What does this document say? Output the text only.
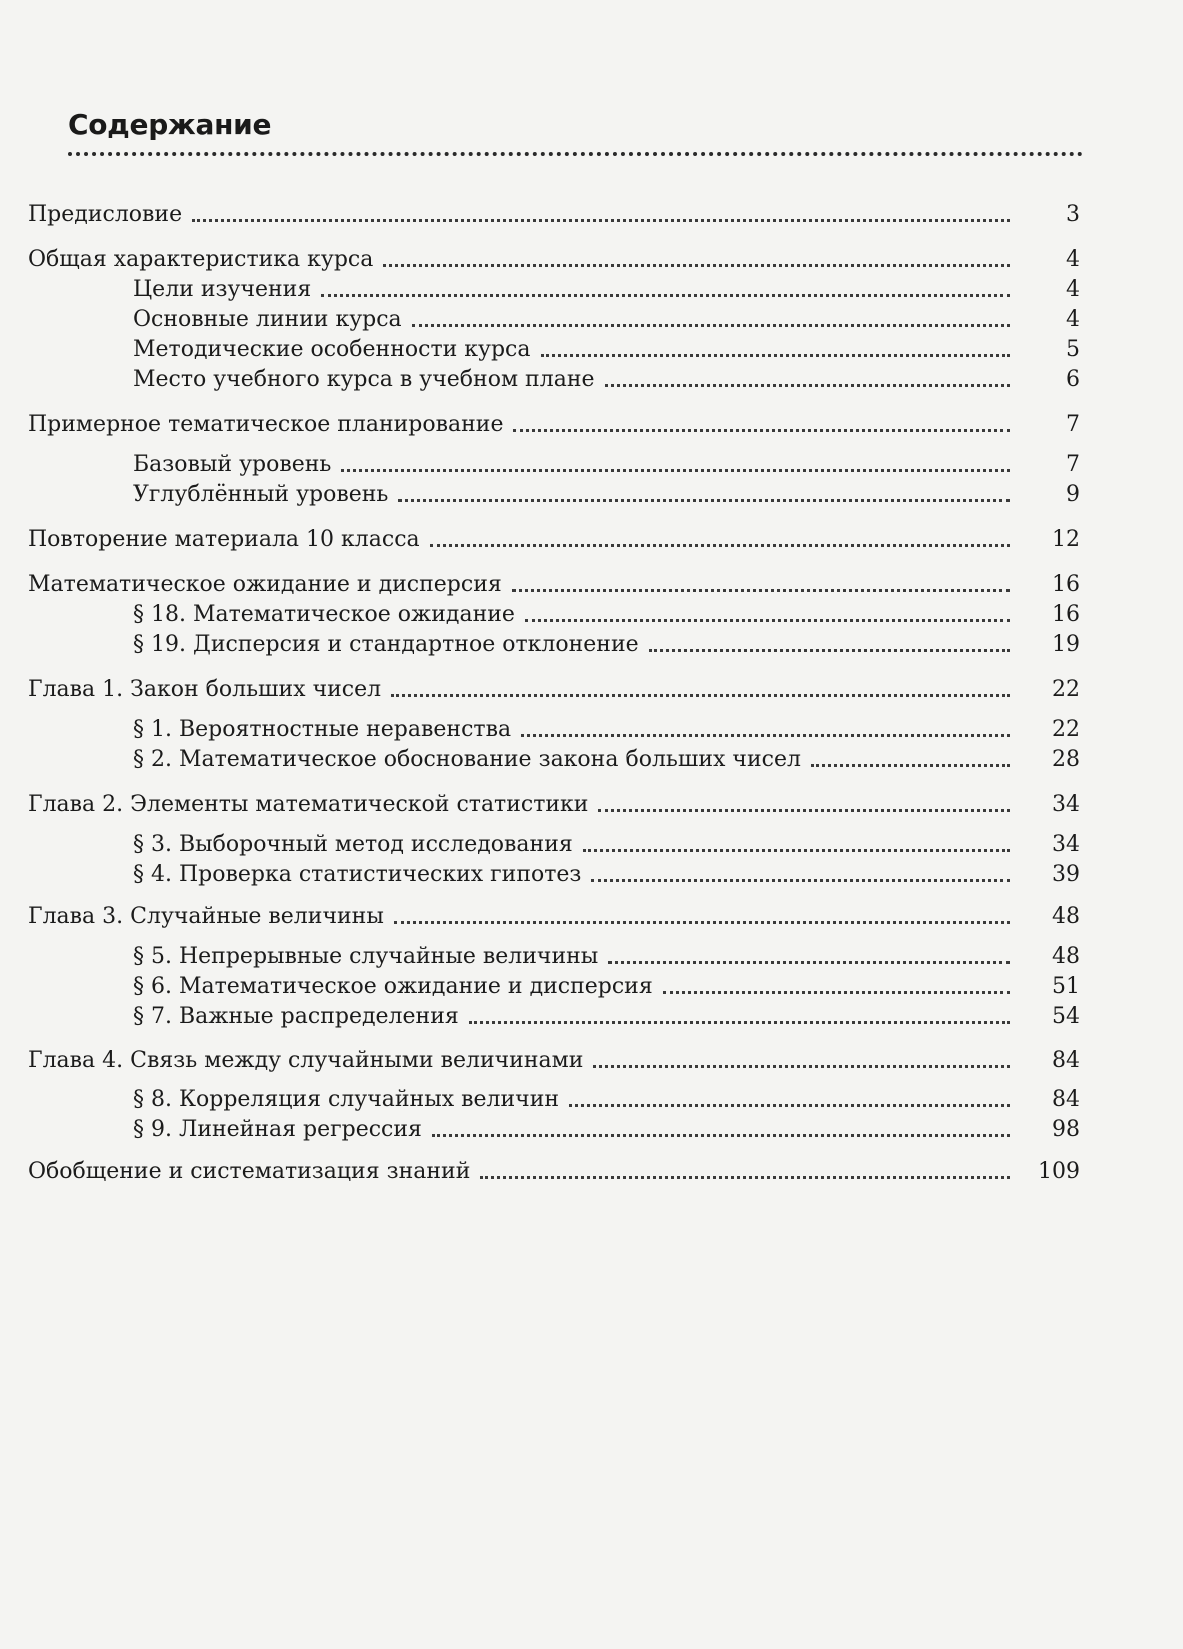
Содержание
Предисловие	3
Общая характеристика курса	4
Цели изучения	4
Основные линии курса	4
Методические особенности курса	5
Место учебного курса в учебном плане	6
Примерное тематическое планирование	7
Базовый уровень	7
Углублённый уровень	9
Повторение материала 10 класса	12
Математическое ожидание и дисперсия	16
§ 18. Математическое ожидание	16
§ 19. Дисперсия и стандартное отклонение	19
Глава 1. Закон больших чисел	22
§ 1. Вероятностные неравенства	22
§ 2. Математическое обоснование закона больших чисел	28
Глава 2. Элементы математической статистики	34
§ 3. Выборочный метод исследования	34
§ 4. Проверка статистических гипотез	39
Глава 3. Случайные величины	48
§ 5. Непрерывные случайные величины	48
§ 6. Математическое ожидание и дисперсия	51
§ 7. Важные распределения	54
Глава 4. Связь между случайными величинами	84
§ 8. Корреляция случайных величин	84
§ 9. Линейная регрессия	98
Обобщение и систематизация знаний	109
